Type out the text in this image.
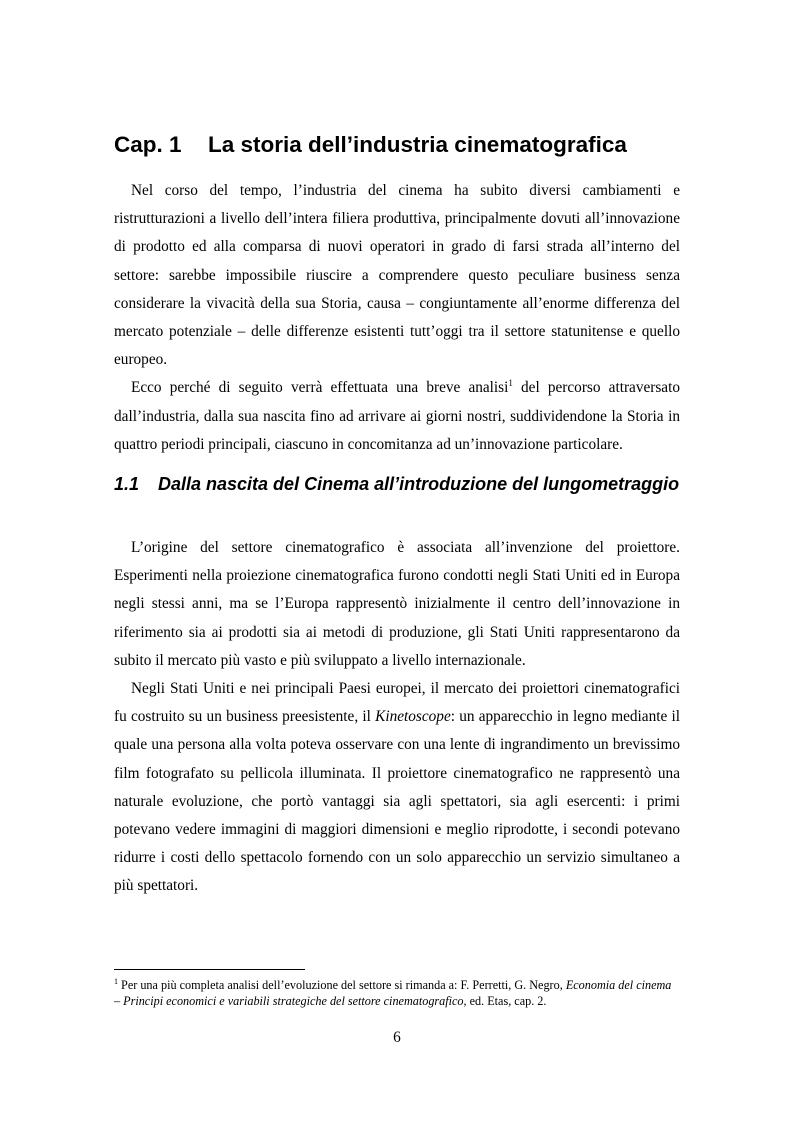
Cap. 1 La storia dell’industria cinematografica

Nel corso del tempo, l’industria del cinema ha subito diversi cambiamenti e ristrutturazioni a livello dell’intera filiera produttiva, principalmente dovuti all’innovazione di prodotto ed alla comparsa di nuovi operatori in grado di farsi strada all’interno del settore: sarebbe impossibile riuscire a comprendere questo peculiare business senza considerare la vivacità della sua Storia, causa – congiuntamente all’enorme differenza del mercato potenziale – delle differenze esistenti tutt’oggi tra il settore statunitense e quello europeo.

Ecco perché di seguito verrà effettuata una breve analisi$^1$ del percorso attraversato dall’industria, dalla sua nascita fino ad arrivare ai giorni nostri, suddividendone la Storia in quattro periodi principali, ciascuno in concomitanza ad un’innovazione particolare.

1.1 Dalla nascita del Cinema all’introduzione del lungometraggio

L’origine del settore cinematografico è associata all’invenzione del proiettore. Esperimenti nella proiezione cinematografica furono condotti negli Stati Uniti ed in Europa negli stessi anni, ma se l’Europa rappresentò inizialmente il centro dell’innovazione in riferimento sia ai prodotti sia ai metodi di produzione, gli Stati Uniti rappresentarono da subito il mercato più vasto e più sviluppato a livello internazionale.

Negli Stati Uniti e nei principali Paesi europei, il mercato dei proiettori cinematografici fu costruito su un business preesistente, il Kinetoscope: un apparecchio in legno mediante il quale una persona alla volta poteva osservare con una lente di ingrandimento un brevissimo film fotografato su pellicola illuminata. Il proiettore cinematografico ne rappresentò una naturale evoluzione, che portò vantaggi sia agli spettatori, sia agli esercenti: i primi potevano vedere immagini di maggiori dimensioni e meglio riprodotte, i secondi potevano ridurre i costi dello spettacolo fornendo con un solo apparecchio un servizio simultaneo a più spettatori.

$^1$ Per una più completa analisi dell’evoluzione del settore si rimanda a: F. Perretti, G. Negro, Economia del cinema – Principi economici e variabili strategiche del settore cinematografico, ed. Etas, cap. 2.

6
